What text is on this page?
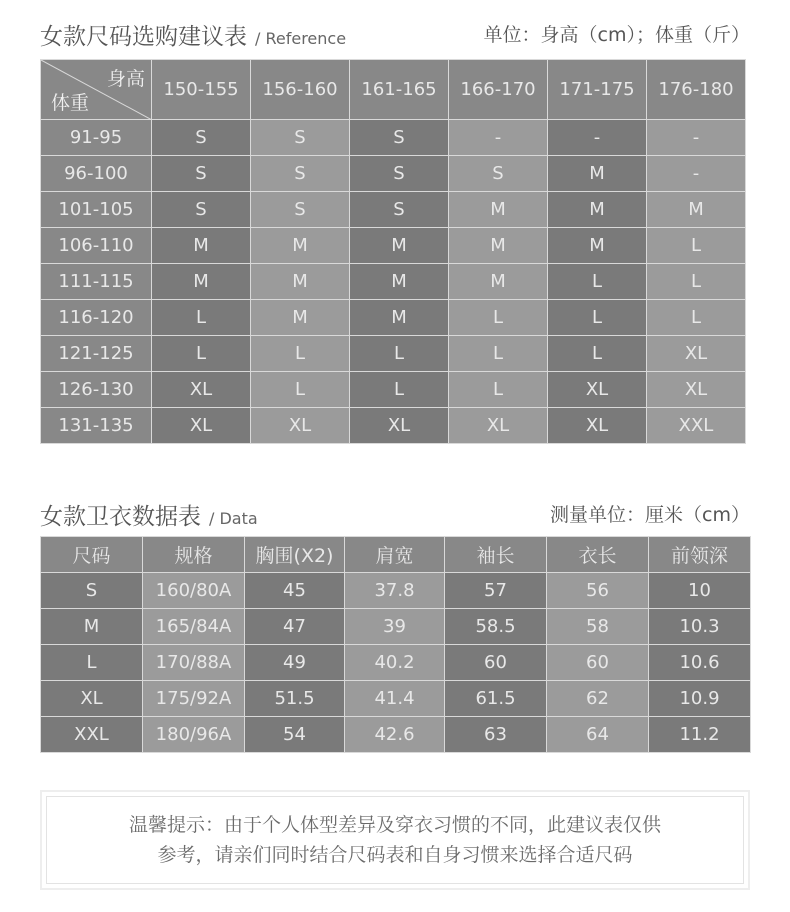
女款尺码选购建议表 / Reference	单位：身高（cm）；体重（斤）
身高
体重	150-155	156-160	161-165	166-170	171-175	176-180
91-95	S	S	S	-	-	-
96-100	S	S	S	S	M	-
101-105	S	S	S	M	M	M
106-110	M	M	M	M	M	L
111-115	M	M	M	M	L	L
116-120	L	M	M	L	L	L
121-125	L	L	L	L	L	XL
126-130	XL	L	L	L	XL	XL
131-135	XL	XL	XL	XL	XL	XXL
女款卫衣数据表 / Data	测量单位：厘米（cm）
尺码	规格	胸围(X2)	肩宽	袖长	衣长	前领深
S	160/80A	45	37.8	57	56	10
M	165/84A	47	39	58.5	58	10.3
L	170/88A	49	40.2	60	60	10.6
XL	175/92A	51.5	41.4	61.5	62	10.9
XXL	180/96A	54	42.6	63	64	11.2
温馨提示：由于个人体型差异及穿衣习惯的不同，此建议表仅供
参考，请亲们同时结合尺码表和自身习惯来选择合适尺码
